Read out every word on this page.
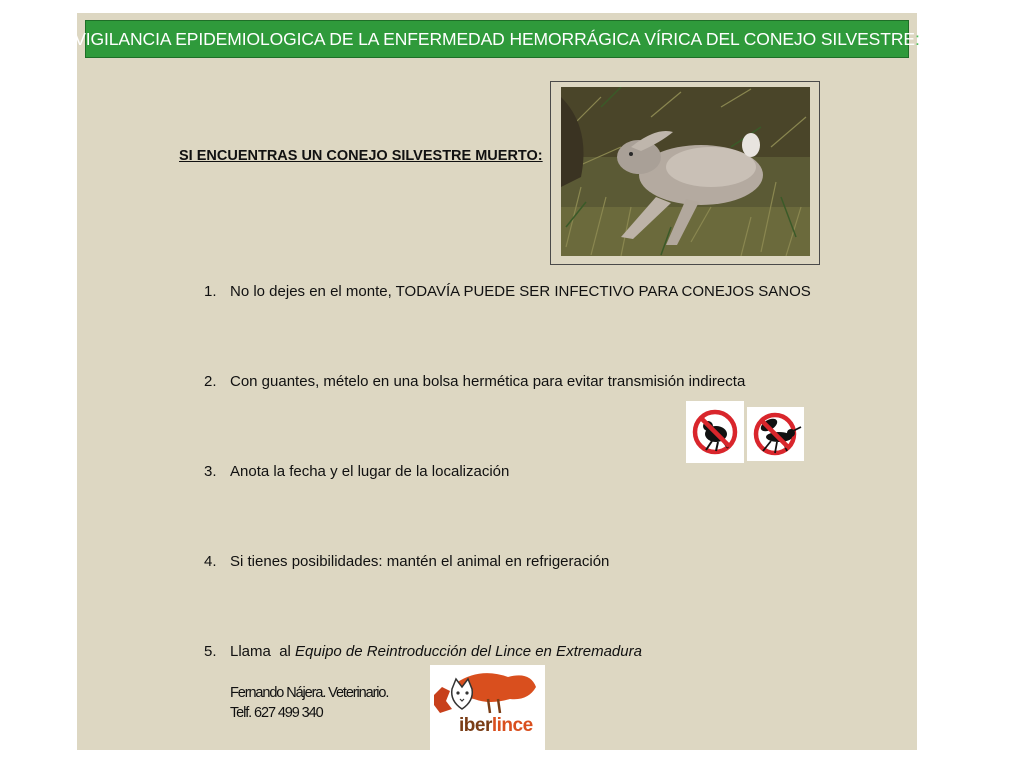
VIGILANCIA EPIDEMIOLOGICA DE LA ENFERMEDAD HEMORRÁGICA VÍRICA DEL CONEJO SILVESTRE :
SI ENCUENTRAS UN CONEJO SILVESTRE MUERTO:
1. No lo dejes en el monte, TODAVÍA PUEDE SER INFECTIVO PARA CONEJOS SANOS
2. Con guantes, mételo en una bolsa hermética para evitar transmisión indirecta
3. Anota la fecha y el lugar de la localización
4. Si tienes posibilidades: mantén el animal en refrigeración
5. Llama  al Equipo de Reintroducción del Lince en Extremadura
Fernando Nájera. Veterinario.
Telf. 627 499 340
iberlince
